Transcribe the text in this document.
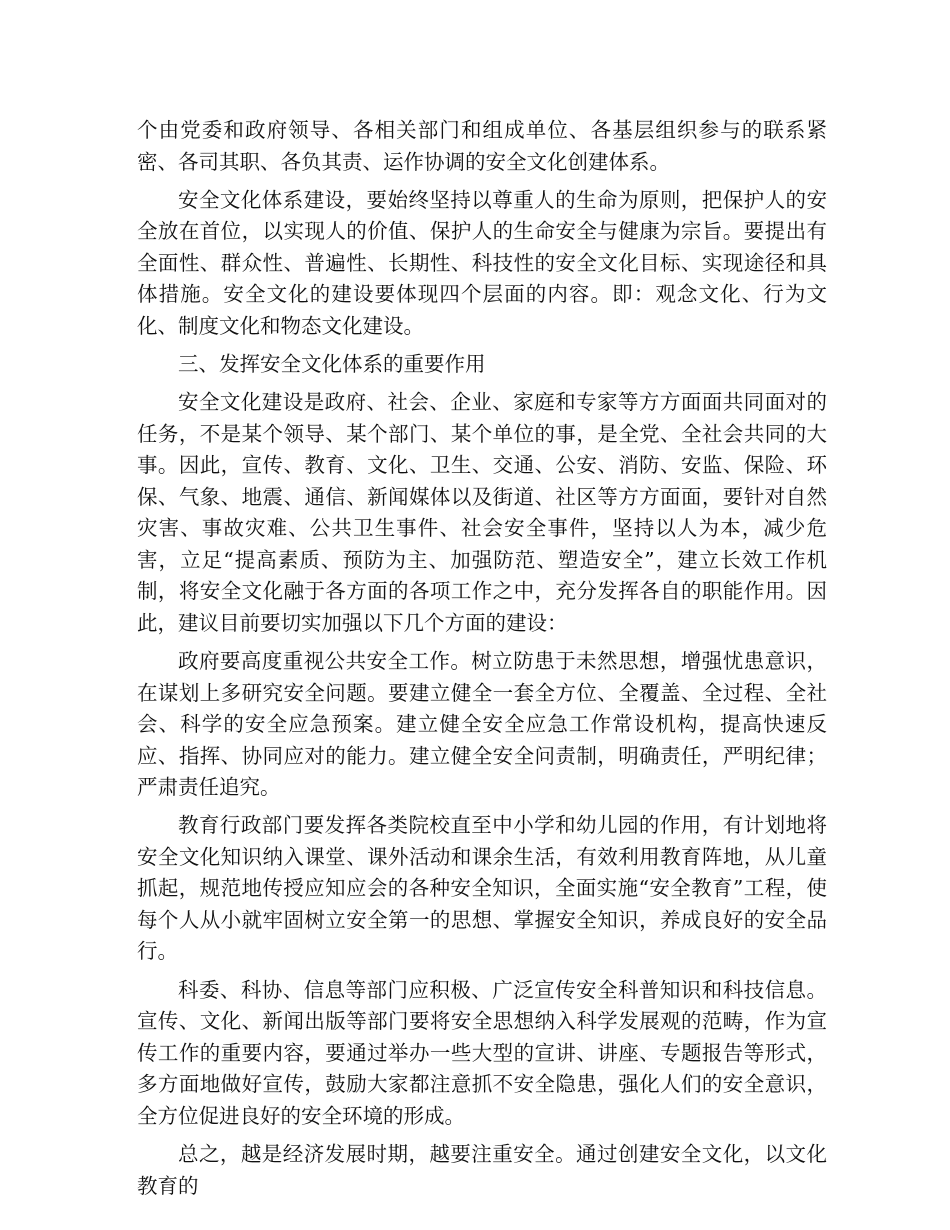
个由党委和政府领导、各相关部门和组成单位、各基层组织参与的联系紧密、各司其职、各负其责、运作协调的安全文化创建体系。

安全文化体系建设，要始终坚持以尊重人的生命为原则，把保护人的安全放在首位，以实现人的价值、保护人的生命安全与健康为宗旨。要提出有全面性、群众性、普遍性、长期性、科技性的安全文化目标、实现途径和具体措施。安全文化的建设要体现四个层面的内容。即：观念文化、行为文化、制度文化和物态文化建设。

三、发挥安全文化体系的重要作用

安全文化建设是政府、社会、企业、家庭和专家等方方面面共同面对的任务，不是某个领导、某个部门、某个单位的事，是全党、全社会共同的大事。因此，宣传、教育、文化、卫生、交通、公安、消防、安监、保险、环保、气象、地震、通信、新闻媒体以及街道、社区等方方面面，要针对自然灾害、事故灾难、公共卫生事件、社会安全事件，坚持以人为本，减少危害，立足“提高素质、预防为主、加强防范、塑造安全”，建立长效工作机制，将安全文化融于各方面的各项工作之中，充分发挥各自的职能作用。因此，建议目前要切实加强以下几个方面的建设：

政府要高度重视公共安全工作。树立防患于未然思想，增强忧患意识，在谋划上多研究安全问题。要建立健全一套全方位、全覆盖、全过程、全社会、科学的安全应急预案。建立健全安全应急工作常设机构，提高快速反应、指挥、协同应对的能力。建立健全安全问责制，明确责任，严明纪律；严肃责任追究。

教育行政部门要发挥各类院校直至中小学和幼儿园的作用，有计划地将安全文化知识纳入课堂、课外活动和课余生活，有效利用教育阵地，从儿童抓起，规范地传授应知应会的各种安全知识，全面实施“安全教育”工程，使每个人从小就牢固树立安全第一的思想、掌握安全知识，养成良好的安全品行。

科委、科协、信息等部门应积极、广泛宣传安全科普知识和科技信息。宣传、文化、新闻出版等部门要将安全思想纳入科学发展观的范畴，作为宣传工作的重要内容，要通过举办一些大型的宣讲、讲座、专题报告等形式，多方面地做好宣传，鼓励大家都注意抓不安全隐患，强化人们的安全意识，全方位促进良好的安全环境的形成。

总之，越是经济发展时期，越要注重安全。通过创建安全文化，以文化教育的
